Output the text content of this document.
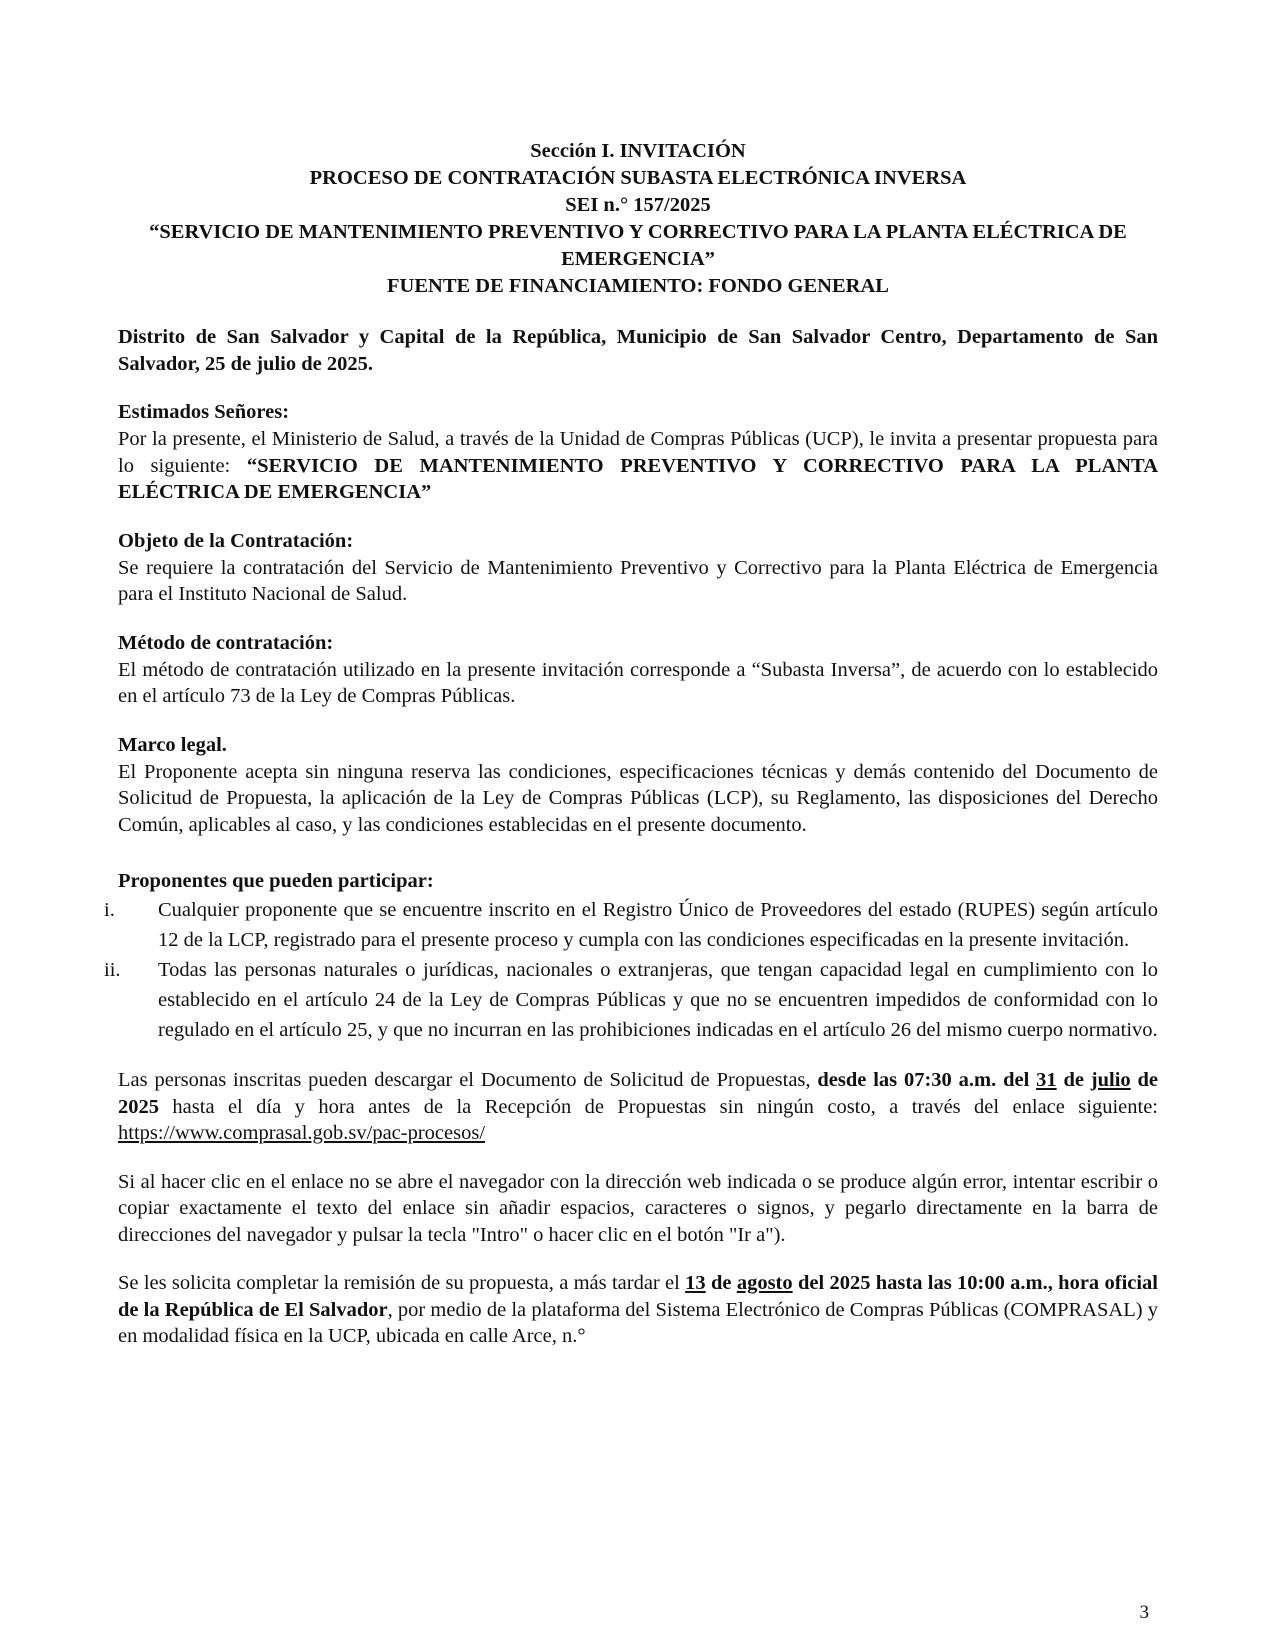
Sección I. INVITACIÓN
PROCESO DE CONTRATACIÓN SUBASTA ELECTRÓNICA INVERSA
SEI n.° 157/2025
“SERVICIO DE MANTENIMIENTO PREVENTIVO Y CORRECTIVO PARA LA PLANTA ELÉCTRICA DE
EMERGENCIA”
FUENTE DE FINANCIAMIENTO: FONDO GENERAL

Distrito de San Salvador y Capital de la República, Municipio de San Salvador Centro, Departamento de San Salvador, 25 de julio de 2025.

Estimados Señores:

Por la presente, el Ministerio de Salud, a través de la Unidad de Compras Públicas (UCP), le invita a presentar propuesta para lo siguiente: “SERVICIO DE MANTENIMIENTO PREVENTIVO Y CORRECTIVO PARA LA PLANTA ELÉCTRICA DE EMERGENCIA”

Objeto de la Contratación:

Se requiere la contratación del Servicio de Mantenimiento Preventivo y Correctivo para la Planta Eléctrica de Emergencia para el Instituto Nacional de Salud.

Método de contratación:

El método de contratación utilizado en la presente invitación corresponde a “Subasta Inversa”, de acuerdo con lo establecido en el artículo 73 de la Ley de Compras Públicas.

Marco legal.

El Proponente acepta sin ninguna reserva las condiciones, especificaciones técnicas y demás contenido del Documento de Solicitud de Propuesta, la aplicación de la Ley de Compras Públicas (LCP), su Reglamento, las disposiciones del Derecho Común, aplicables al caso, y las condiciones establecidas en el presente documento.

Proponentes que pueden participar:
i.	Cualquier proponente que se encuentre inscrito en el Registro Único de Proveedores del estado (RUPES) según artículo 12 de la LCP, registrado para el presente proceso y cumpla con las condiciones especificadas en la presente invitación.
ii.	Todas las personas naturales o jurídicas, nacionales o extranjeras, que tengan capacidad legal en cumplimiento con lo establecido en el artículo 24 de la Ley de Compras Públicas y que no se encuentren impedidos de conformidad con lo regulado en el artículo 25, y que no incurran en las prohibiciones indicadas en el artículo 26 del mismo cuerpo normativo.

Las personas inscritas pueden descargar el Documento de Solicitud de Propuestas, desde las 07:30 a.m. del 31 de julio de 2025 hasta el día y hora antes de la Recepción de Propuestas sin ningún costo, a través del enlace siguiente: https://www.comprasal.gob.sv/pac-procesos/

Si al hacer clic en el enlace no se abre el navegador con la dirección web indicada o se produce algún error, intentar escribir o copiar exactamente el texto del enlace sin añadir espacios, caracteres o signos, y pegarlo directamente en la barra de direcciones del navegador y pulsar la tecla "Intro" o hacer clic en el botón "Ir a").

Se les solicita completar la remisión de su propuesta, a más tardar el 13 de agosto del 2025 hasta las 10:00 a.m., hora oficial de la República de El Salvador, por medio de la plataforma del Sistema Electrónico de Compras Públicas (COMPRASAL) y en modalidad física en la UCP, ubicada en calle Arce, n.°

3
